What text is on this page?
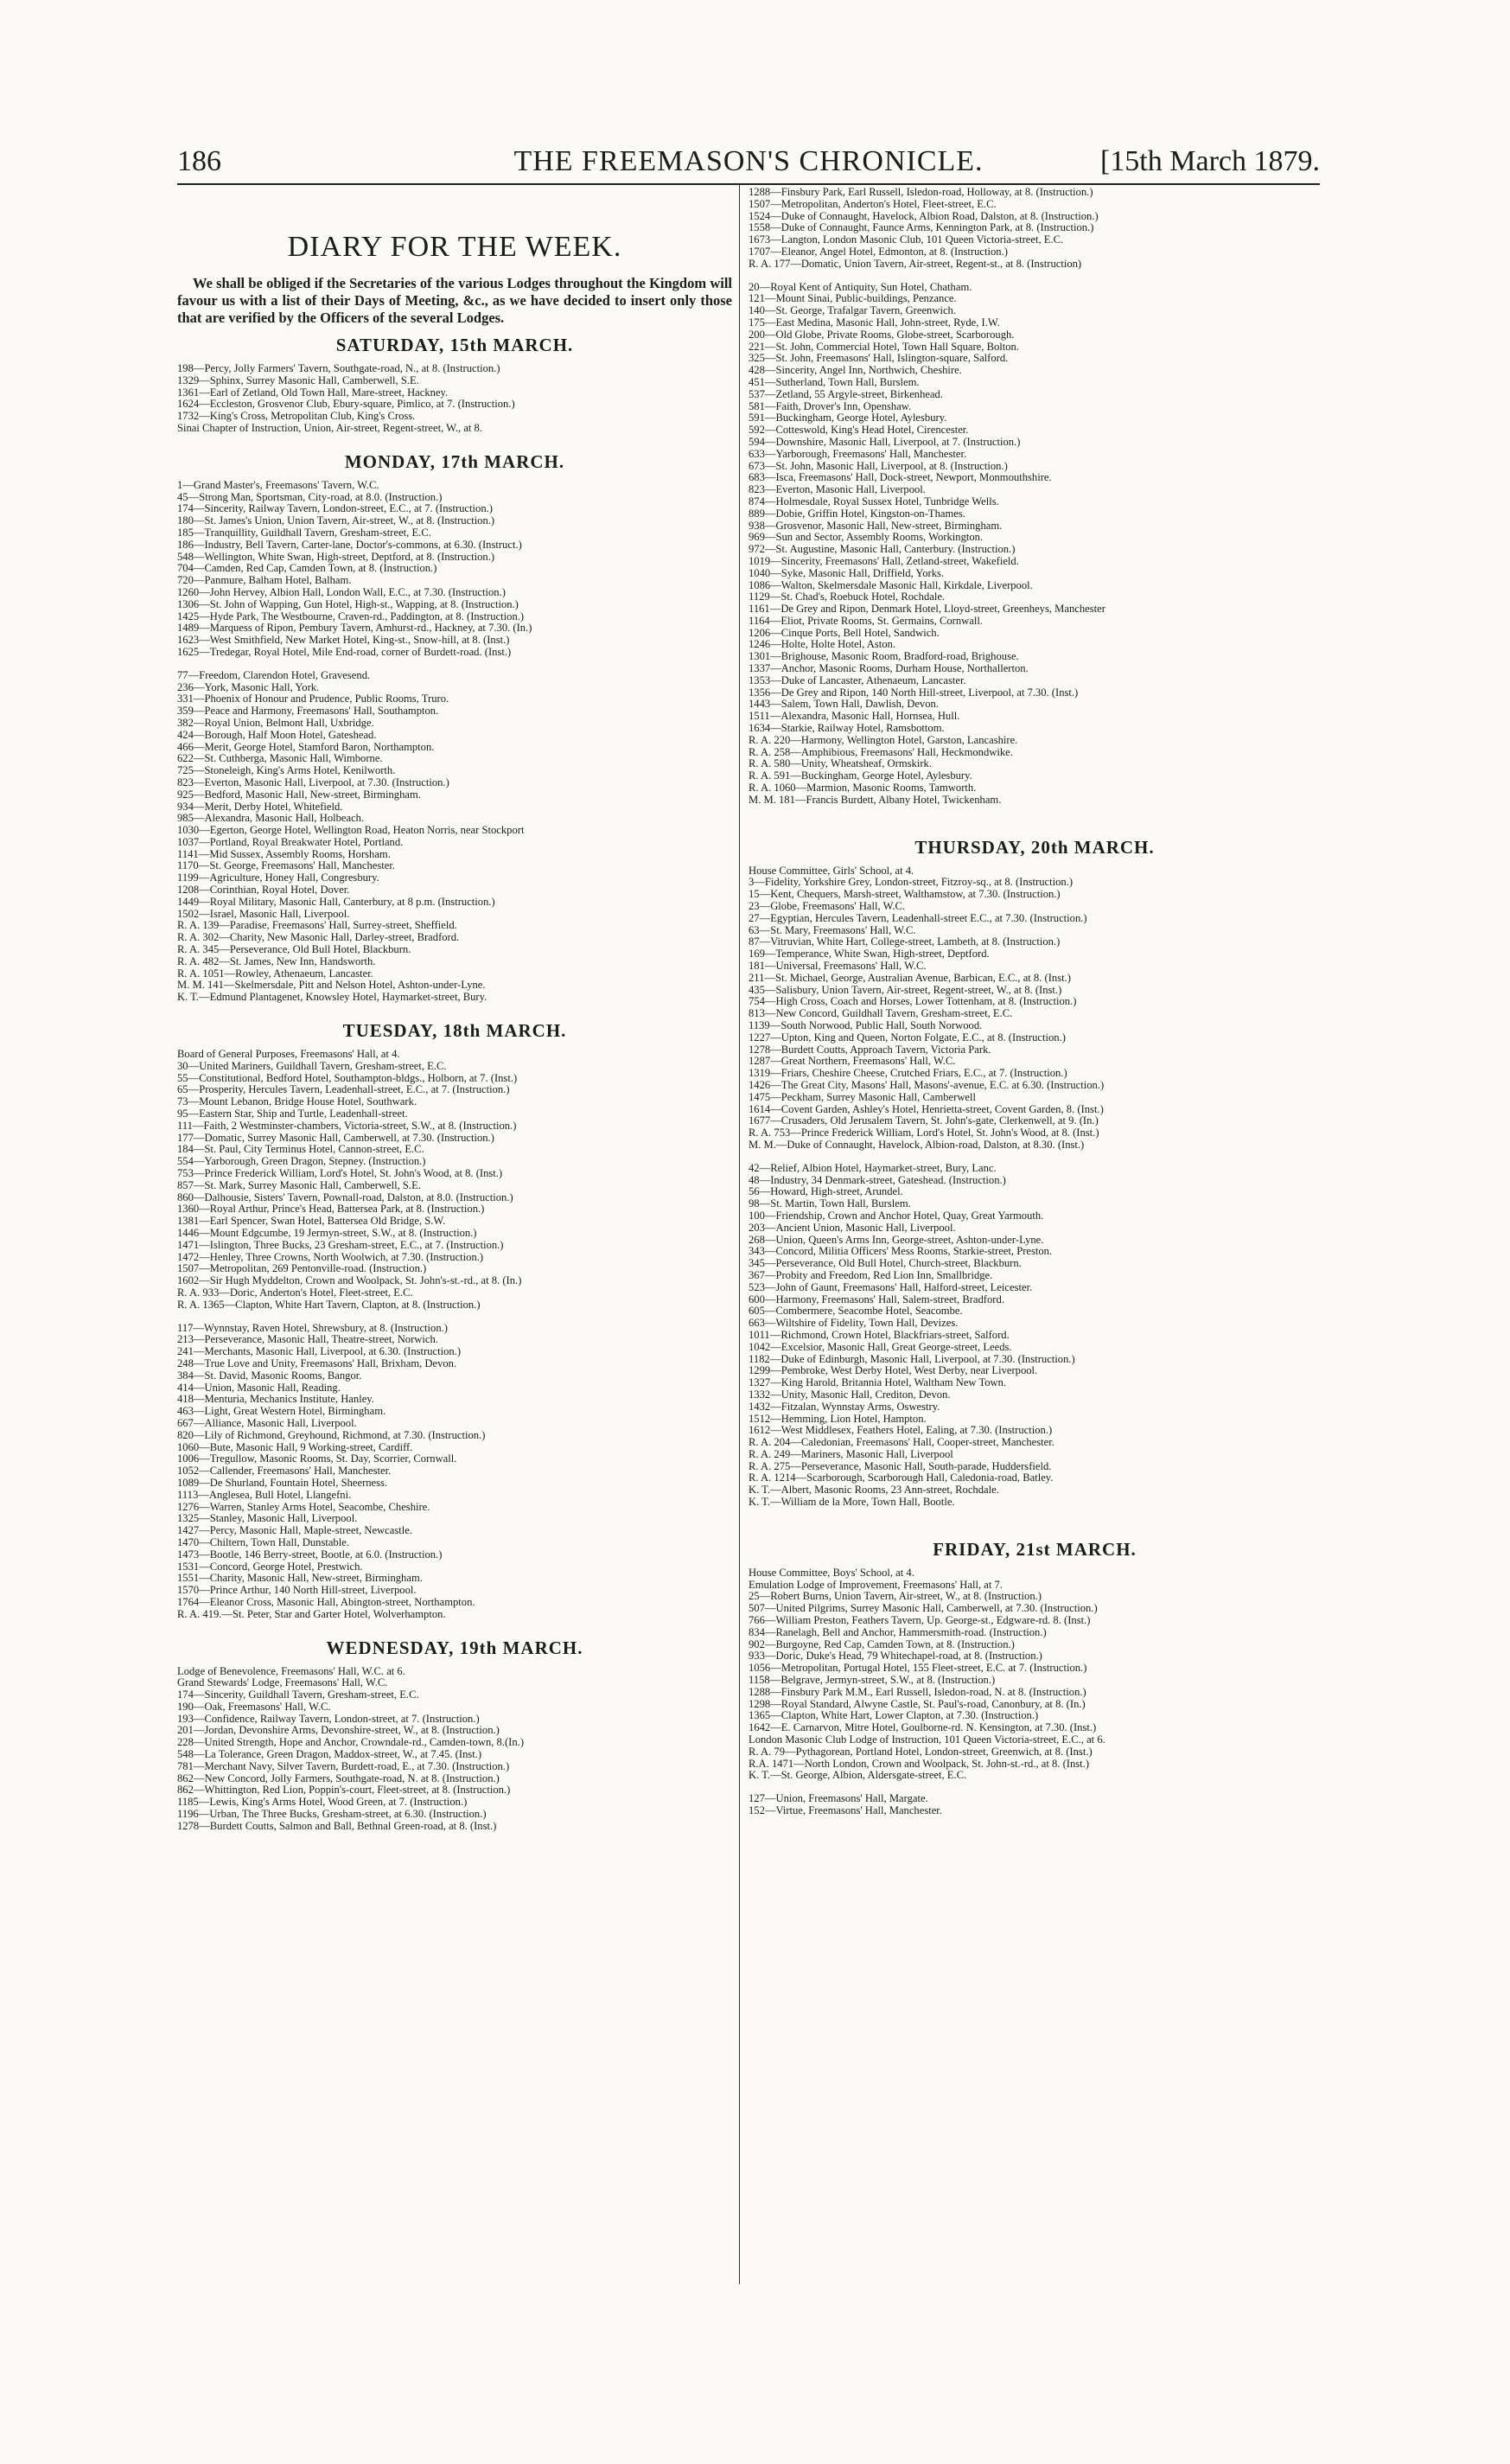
186	THE FREEMASON'S CHRONICLE.	[15th March 1879.
DIARY FOR THE WEEK.
We shall be obliged if the Secretaries of the various Lodges throughout the Kingdom will favour us with a list of their Days of Meeting, &c., as we have decided to insert only those that are verified by the Officers of the several Lodges.
SATURDAY, 15th MARCH.
198—Percy, Jolly Farmers' Tavern, Southgate-road, N., at 8. (Instruction.)
1329—Sphinx, Surrey Masonic Hall, Camberwell, S.E.
1361—Earl of Zetland, Old Town Hall, Mare-street, Hackney.
1624—Eccleston, Grosvenor Club, Ebury-square, Pimlico, at 7. (Instruction.)
1732—King's Cross, Metropolitan Club, King's Cross.
Sinai Chapter of Instruction, Union, Air-street, Regent-street, W., at 8.
MONDAY, 17th MARCH.
1—Grand Master's, Freemasons' Tavern, W.C.
45—Strong Man, Sportsman, City-road, at 8.0. (Instruction.)
174—Sincerity, Railway Tavern, London-street, E.C., at 7. (Instruction.)
180—St. James's Union, Union Tavern, Air-street, W., at 8. (Instruction.)
185—Tranquillity, Guildhall Tavern, Gresham-street, E.C.
186—Industry, Bell Tavern, Carter-lane, Doctor's-commons, at 6.30. (Instruct.)
548—Wellington, White Swan, High-street, Deptford, at 8. (Instruction.)
704—Camden, Red Cap, Camden Town, at 8. (Instruction.)
720—Panmure, Balham Hotel, Balham.
1260—John Hervey, Albion Hall, London Wall, E.C., at 7.30. (Instruction.)
1306—St. John of Wapping, Gun Hotel, High-st., Wapping, at 8. (Instruction.)
1425—Hyde Park, The Westbourne, Craven-rd., Paddington, at 8. (Instruction.)
1489—Marquess of Ripon, Pembury Tavern, Amhurst-rd., Hackney, at 7.30. (In.)
1623—West Smithfield, New Market Hotel, King-st., Snow-hill, at 8. (Inst.)
1625—Tredegar, Royal Hotel, Mile End-road, corner of Burdett-road. (Inst.)
77—Freedom, Clarendon Hotel, Gravesend.
236—York, Masonic Hall, York.
331—Phoenix of Honour and Prudence, Public Rooms, Truro.
359—Peace and Harmony, Freemasons' Hall, Southampton.
382—Royal Union, Belmont Hall, Uxbridge.
424—Borough, Half Moon Hotel, Gateshead.
466—Merit, George Hotel, Stamford Baron, Northampton.
622—St. Cuthberga, Masonic Hall, Wimborne.
725—Stoneleigh, King's Arms Hotel, Kenilworth.
823—Everton, Masonic Hall, Liverpool, at 7.30. (Instruction.)
925—Bedford, Masonic Hall, New-street, Birmingham.
934—Merit, Derby Hotel, Whitefield.
985—Alexandra, Masonic Hall, Holbeach.
1030—Egerton, George Hotel, Wellington Road, Heaton Norris, near Stockport
1037—Portland, Royal Breakwater Hotel, Portland.
1141—Mid Sussex, Assembly Rooms, Horsham.
1170—St. George, Freemasons' Hall, Manchester.
1199—Agriculture, Honey Hall, Congresbury.
1208—Corinthian, Royal Hotel, Dover.
1449—Royal Military, Masonic Hall, Canterbury, at 8 p.m. (Instruction.)
1502—Israel, Masonic Hall, Liverpool.
R. A. 139—Paradise, Freemasons' Hall, Surrey-street, Sheffield.
R. A. 302—Charity, New Masonic Hall, Darley-street, Bradford.
R. A. 345—Perseverance, Old Bull Hotel, Blackburn.
R. A. 482—St. James, New Inn, Handsworth.
R. A. 1051—Rowley, Athenaeum, Lancaster.
M. M. 141—Skelmersdale, Pitt and Nelson Hotel, Ashton-under-Lyne.
K. T.—Edmund Plantagenet, Knowsley Hotel, Haymarket-street, Bury.
TUESDAY, 18th MARCH.
Board of General Purposes, Freemasons' Hall, at 4.
30—United Mariners, Guildhall Tavern, Gresham-street, E.C.
55—Constitutional, Bedford Hotel, Southampton-bldgs., Holborn, at 7. (Inst.)
65—Prosperity, Hercules Tavern, Leadenhall-street, E.C., at 7. (Instruction.)
73—Mount Lebanon, Bridge House Hotel, Southwark.
95—Eastern Star, Ship and Turtle, Leadenhall-street.
111—Faith, 2 Westminster-chambers, Victoria-street, S.W., at 8. (Instruction.)
177—Domatic, Surrey Masonic Hall, Camberwell, at 7.30. (Instruction.)
184—St. Paul, City Terminus Hotel, Cannon-street, E.C.
554—Yarborough, Green Dragon, Stepney. (Instruction.)
753—Prince Frederick William, Lord's Hotel, St. John's Wood, at 8. (Inst.)
857—St. Mark, Surrey Masonic Hall, Camberwell, S.E.
860—Dalhousie, Sisters' Tavern, Pownall-road, Dalston, at 8.0. (Instruction.)
1360—Royal Arthur, Prince's Head, Battersea Park, at 8. (Instruction.)
1381—Earl Spencer, Swan Hotel, Battersea Old Bridge, S.W.
1446—Mount Edgcumbe, 19 Jermyn-street, S.W., at 8. (Instruction.)
1471—Islington, Three Bucks, 23 Gresham-street, E.C., at 7. (Instruction.)
1472—Henley, Three Crowns, North Woolwich, at 7.30. (Instruction.)
1507—Metropolitan, 269 Pentonville-road. (Instruction.)
1602—Sir Hugh Myddelton, Crown and Woolpack, St. John's-st.-rd., at 8. (In.)
R. A. 933—Doric, Anderton's Hotel, Fleet-street, E.C.
R. A. 1365—Clapton, White Hart Tavern, Clapton, at 8. (Instruction.)
117—Wynnstay, Raven Hotel, Shrewsbury, at 8. (Instruction.)
213—Perseverance, Masonic Hall, Theatre-street, Norwich.
241—Merchants, Masonic Hall, Liverpool, at 6.30. (Instruction.)
248—True Love and Unity, Freemasons' Hall, Brixham, Devon.
384—St. David, Masonic Rooms, Bangor.
414—Union, Masonic Hall, Reading.
418—Menturia, Mechanics Institute, Hanley.
463—Light, Great Western Hotel, Birmingham.
667—Alliance, Masonic Hall, Liverpool.
820—Lily of Richmond, Greyhound, Richmond, at 7.30. (Instruction.)
1060—Bute, Masonic Hall, 9 Working-street, Cardiff.
1006—Tregullow, Masonic Rooms, St. Day, Scorrier, Cornwall.
1052—Callender, Freemasons' Hall, Manchester.
1089—De Shurland, Fountain Hotel, Sheerness.
1113—Anglesea, Bull Hotel, Llangefni.
1276—Warren, Stanley Arms Hotel, Seacombe, Cheshire.
1325—Stanley, Masonic Hall, Liverpool.
1427—Percy, Masonic Hall, Maple-street, Newcastle.
1470—Chiltern, Town Hall, Dunstable.
1473—Bootle, 146 Berry-street, Bootle, at 6.0. (Instruction.)
1531—Concord, George Hotel, Prestwich.
1551—Charity, Masonic Hall, New-street, Birmingham.
1570—Prince Arthur, 140 North Hill-street, Liverpool.
1764—Eleanor Cross, Masonic Hall, Abington-street, Northampton.
R. A. 419.—St. Peter, Star and Garter Hotel, Wolverhampton.
WEDNESDAY, 19th MARCH.
Lodge of Benevolence, Freemasons' Hall, W.C. at 6.
Grand Stewards' Lodge, Freemasons' Hall, W.C.
174—Sincerity, Guildhall Tavern, Gresham-street, E.C.
190—Oak, Freemasons' Hall, W.C.
193—Confidence, Railway Tavern, London-street, at 7. (Instruction.)
201—Jordan, Devonshire Arms, Devonshire-street, W., at 8. (Instruction.)
228—United Strength, Hope and Anchor, Crowndale-rd., Camden-town, 8.(In.)
548—La Tolerance, Green Dragon, Maddox-street, W., at 7.45. (Inst.)
781—Merchant Navy, Silver Tavern, Burdett-road, E., at 7.30. (Instruction.)
862—New Concord, Jolly Farmers, Southgate-road, N. at 8. (Instruction.)
862—Whittington, Red Lion, Poppin's-court, Fleet-street, at 8. (Instruction.)
1185—Lewis, King's Arms Hotel, Wood Green, at 7. (Instruction.)
1196—Urban, The Three Bucks, Gresham-street, at 6.30. (Instruction.)
1278—Burdett Coutts, Salmon and Ball, Bethnal Green-road, at 8. (Inst.)
1288—Finsbury Park, Earl Russell, Isledon-road, Holloway, at 8. (Instruction.)
1507—Metropolitan, Anderton's Hotel, Fleet-street, E.C.
1524—Duke of Connaught, Havelock, Albion Road, Dalston, at 8. (Instruction.)
1558—Duke of Connaught, Faunce Arms, Kennington Park, at 8. (Instruction.)
1673—Langton, London Masonic Club, 101 Queen Victoria-street, E.C.
1707—Eleanor, Angel Hotel, Edmonton, at 8. (Instruction.)
R. A. 177—Domatic, Union Tavern, Air-street, Regent-st., at 8. (Instruction)
20—Royal Kent of Antiquity, Sun Hotel, Chatham.
121—Mount Sinai, Public-buildings, Penzance.
140—St. George, Trafalgar Tavern, Greenwich.
175—East Medina, Masonic Hall, John-street, Ryde, I.W.
200—Old Globe, Private Rooms, Globe-street, Scarborough.
221—St. John, Commercial Hotel, Town Hall Square, Bolton.
325—St. John, Freemasons' Hall, Islington-square, Salford.
428—Sincerity, Angel Inn, Northwich, Cheshire.
451—Sutherland, Town Hall, Burslem.
537—Zetland, 55 Argyle-street, Birkenhead.
581—Faith, Drover's Inn, Openshaw.
591—Buckingham, George Hotel, Aylesbury.
592—Cotteswold, King's Head Hotel, Cirencester.
594—Downshire, Masonic Hall, Liverpool, at 7. (Instruction.)
633—Yarborough, Freemasons' Hall, Manchester.
673—St. John, Masonic Hall, Liverpool, at 8. (Instruction.)
683—Isca, Freemasons' Hall, Dock-street, Newport, Monmouthshire.
823—Everton, Masonic Hall, Liverpool.
874—Holmesdale, Royal Sussex Hotel, Tunbridge Wells.
889—Dobie, Griffin Hotel, Kingston-on-Thames.
938—Grosvenor, Masonic Hall, New-street, Birmingham.
969—Sun and Sector, Assembly Rooms, Workington.
972—St. Augustine, Masonic Hall, Canterbury. (Instruction.)
1019—Sincerity, Freemasons' Hall, Zetland-street, Wakefield.
1040—Syke, Masonic Hall, Driffield, Yorks.
1086—Walton, Skelmersdale Masonic Hall, Kirkdale, Liverpool.
1129—St. Chad's, Roebuck Hotel, Rochdale.
1161—De Grey and Ripon, Denmark Hotel, Lloyd-street, Greenheys, Manchester
1164—Eliot, Private Rooms, St. Germains, Cornwall.
1206—Cinque Ports, Bell Hotel, Sandwich.
1246—Holte, Holte Hotel, Aston.
1301—Brighouse, Masonic Room, Bradford-road, Brighouse.
1337—Anchor, Masonic Rooms, Durham House, Northallerton.
1353—Duke of Lancaster, Athenaeum, Lancaster.
1356—De Grey and Ripon, 140 North Hill-street, Liverpool, at 7.30. (Inst.)
1443—Salem, Town Hall, Dawlish, Devon.
1511—Alexandra, Masonic Hall, Hornsea, Hull.
1634—Starkie, Railway Hotel, Ramsbottom.
R. A. 220—Harmony, Wellington Hotel, Garston, Lancashire.
R. A. 258—Amphibious, Freemasons' Hall, Heckmondwike.
R. A. 580—Unity, Wheatsheaf, Ormskirk.
R. A. 591—Buckingham, George Hotel, Aylesbury.
R. A. 1060—Marmion, Masonic Rooms, Tamworth.
M. M. 181—Francis Burdett, Albany Hotel, Twickenham.
THURSDAY, 20th MARCH.
House Committee, Girls' School, at 4.
3—Fidelity, Yorkshire Grey, London-street, Fitzroy-sq., at 8. (Instruction.)
15—Kent, Chequers, Marsh-street, Walthamstow, at 7.30. (Instruction.)
23—Globe, Freemasons' Hall, W.C.
27—Egyptian, Hercules Tavern, Leadenhall-street E.C., at 7.30. (Instruction.)
63—St. Mary, Freemasons' Hall, W.C.
87—Vitruvian, White Hart, College-street, Lambeth, at 8. (Instruction.)
169—Temperance, White Swan, High-street, Deptford.
181—Universal, Freemasons' Hall, W.C.
211—St. Michael, George, Australian Avenue, Barbican, E.C., at 8. (Inst.)
435—Salisbury, Union Tavern, Air-street, Regent-street, W., at 8. (Inst.)
754—High Cross, Coach and Horses, Lower Tottenham, at 8. (Instruction.)
813—New Concord, Guildhall Tavern, Gresham-street, E.C.
1139—South Norwood, Public Hall, South Norwood.
1227—Upton, King and Queen, Norton Folgate, E.C., at 8. (Instruction.)
1278—Burdett Coutts, Approach Tavern, Victoria Park.
1287—Great Northern, Freemasons' Hall, W.C.
1319—Friars, Cheshire Cheese, Crutched Friars, E.C., at 7. (Instruction.)
1426—The Great City, Masons' Hall, Masons'-avenue, E.C. at 6.30. (Instruction.)
1475—Peckham, Surrey Masonic Hall, Camberwell
1614—Covent Garden, Ashley's Hotel, Henrietta-street, Covent Garden, 8. (Inst.)
1677—Crusaders, Old Jerusalem Tavern, St. John's-gate, Clerkenwell, at 9. (In.)
R. A. 753—Prince Frederick William, Lord's Hotel, St. John's Wood, at 8. (Inst.)
M. M.—Duke of Connaught, Havelock, Albion-road, Dalston, at 8.30. (Inst.)
42—Relief, Albion Hotel, Haymarket-street, Bury, Lanc.
48—Industry, 34 Denmark-street, Gateshead. (Instruction.)
56—Howard, High-street, Arundel.
98—St. Martin, Town Hall, Burslem.
100—Friendship, Crown and Anchor Hotel, Quay, Great Yarmouth.
203—Ancient Union, Masonic Hall, Liverpool.
268—Union, Queen's Arms Inn, George-street, Ashton-under-Lyne.
343—Concord, Militia Officers' Mess Rooms, Starkie-street, Preston.
345—Perseverance, Old Bull Hotel, Church-street, Blackburn.
367—Probity and Freedom, Red Lion Inn, Smallbridge.
523—John of Gaunt, Freemasons' Hall, Halford-street, Leicester.
600—Harmony, Freemasons' Hall, Salem-street, Bradford.
605—Combermere, Seacombe Hotel, Seacombe.
663—Wiltshire of Fidelity, Town Hall, Devizes.
1011—Richmond, Crown Hotel, Blackfriars-street, Salford.
1042—Excelsior, Masonic Hall, Great George-street, Leeds.
1182—Duke of Edinburgh, Masonic Hall, Liverpool, at 7.30. (Instruction.)
1299—Pembroke, West Derby Hotel, West Derby, near Liverpool.
1327—King Harold, Britannia Hotel, Waltham New Town.
1332—Unity, Masonic Hall, Crediton, Devon.
1432—Fitzalan, Wynnstay Arms, Oswestry.
1512—Hemming, Lion Hotel, Hampton.
1612—West Middlesex, Feathers Hotel, Ealing, at 7.30. (Instruction.)
R. A. 204—Caledonian, Freemasons' Hall, Cooper-street, Manchester.
R. A. 249—Mariners, Masonic Hall, Liverpool
R. A. 275—Perseverance, Masonic Hall, South-parade, Huddersfield.
R. A. 1214—Scarborough, Scarborough Hall, Caledonia-road, Batley.
K. T.—Albert, Masonic Rooms, 23 Ann-street, Rochdale.
K. T.—William de la More, Town Hall, Bootle.
FRIDAY, 21st MARCH.
House Committee, Boys' School, at 4.
Emulation Lodge of Improvement, Freemasons' Hall, at 7.
25—Robert Burns, Union Tavern, Air-street, W., at 8. (Instruction.)
507—United Pilgrims, Surrey Masonic Hall, Camberwell, at 7.30. (Instruction.)
766—William Preston, Feathers Tavern, Up. George-st., Edgware-rd. 8. (Inst.)
834—Ranelagh, Bell and Anchor, Hammersmith-road. (Instruction.)
902—Burgoyne, Red Cap, Camden Town, at 8. (Instruction.)
933—Doric, Duke's Head, 79 Whitechapel-road, at 8. (Instruction.)
1056—Metropolitan, Portugal Hotel, 155 Fleet-street, E.C. at 7. (Instruction.)
1158—Belgrave, Jermyn-street, S.W., at 8. (Instruction.)
1288—Finsbury Park M.M., Earl Russell, Isledon-road, N. at 8. (Instruction.)
1298—Royal Standard, Alwyne Castle, St. Paul's-road, Canonbury, at 8. (In.)
1365—Clapton, White Hart, Lower Clapton, at 7.30. (Instruction.)
1642—E. Carnarvon, Mitre Hotel, Goulborne-rd. N. Kensington, at 7.30. (Inst.)
London Masonic Club Lodge of Instruction, 101 Queen Victoria-street, E.C., at 6.
R. A. 79—Pythagorean, Portland Hotel, London-street, Greenwich, at 8. (Inst.)
R.A. 1471—North London, Crown and Woolpack, St. John-st.-rd., at 8. (Inst.)
K. T.—St. George, Albion, Aldersgate-street, E.C.
127—Union, Freemasons' Hall, Margate.
152—Virtue, Freemasons' Hall, Manchester.
